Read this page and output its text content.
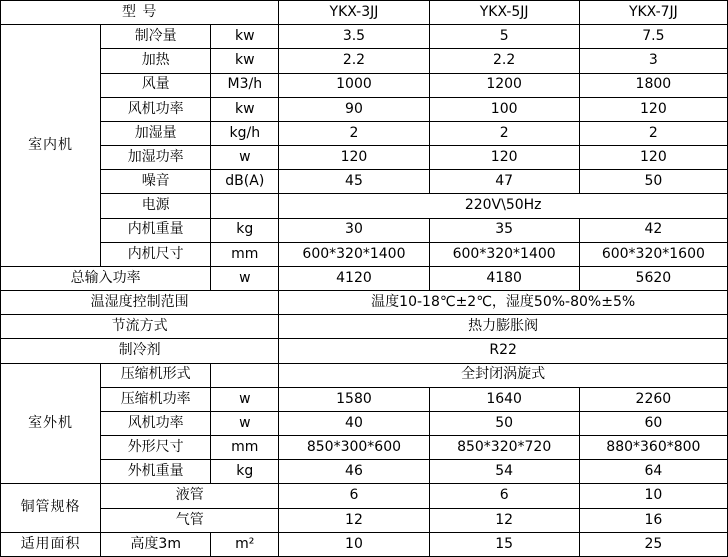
型 号			YKX-3JJ	YKX-5JJ	YKX-7JJ
室内机	制冷量	kw	3.5	5	7.5
	加热	kw	2.2	2.2	3
	风量	M3/h	1000	1200	1800
	风机功率	kw	90	100	120
	加湿量	kg/h	2	2	2
	加湿功率	w	120	120	120
	噪音	dB(A)	45	47	50
	电源		220V\50Hz		
	内机重量	kg	30	35	42
	内机尺寸	mm	600*320*1400	600*320*1400	600*320*1600
总输入功率		w	4120	4180	5620
温湿度控制范围			温度10-18℃±2℃，湿度50%-80%±5%		
节流方式			热力膨胀阀		
制冷剂			R22		
室外机	压缩机形式		全封闭涡旋式		
	压缩机功率	w	1580	1640	2260
	风机功率	w	40	50	60
	外形尺寸	mm	850*300*600	850*320*720	880*360*800
	外机重量	kg	46	54	64
铜管规格	液管		6	6	10
	气管		12	12	16
适用面积	高度3m	m²	10	15	25
